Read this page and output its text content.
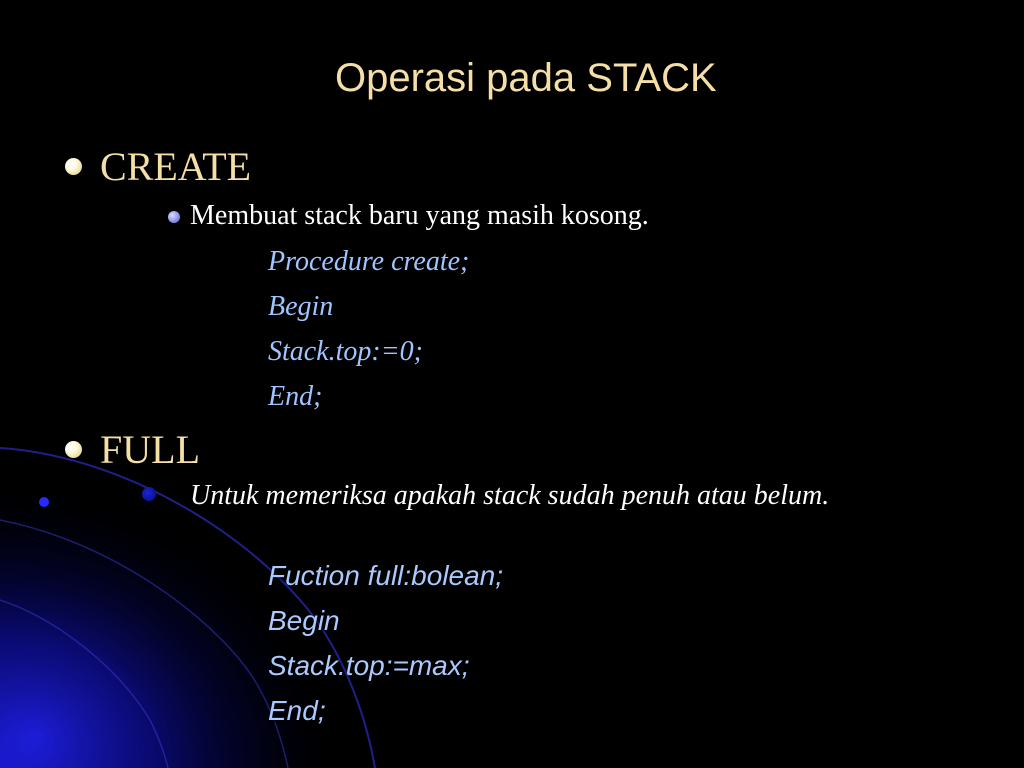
Operasi pada STACK
CREATE
Membuat stack baru yang masih kosong.
Procedure create;
Begin
Stack.top:=0;
End;
FULL
Untuk memeriksa apakah stack sudah penuh atau belum.
Fuction full:bolean;
Begin
Stack.top:=max;
End;
